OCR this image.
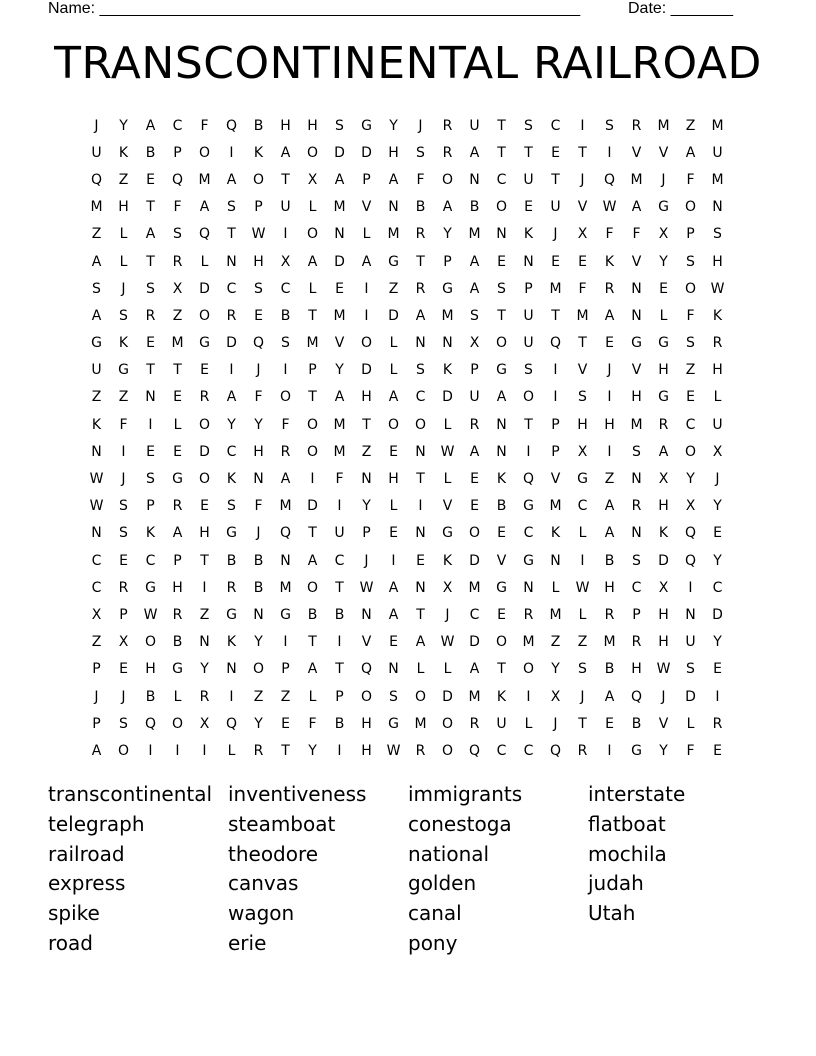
Name: ______________________________________________________	Date: _______
TRANSCONTINENTAL RAILROAD
J	Y	A	C	F	Q	B	H	H	S	G	Y	J	R	U	T	S	C	I	S	R	M	Z	M
U	K	B	P	O	I	K	A	O	D	D	H	S	R	A	T	T	E	T	I	V	V	A	U
Q	Z	E	Q	M	A	O	T	X	A	P	A	F	O	N	C	U	T	J	Q	M	J	F	M
M	H	T	F	A	S	P	U	L	M	V	N	B	A	B	O	E	U	V	W	A	G	O	N
Z	L	A	S	Q	T	W	I	O	N	L	M	R	Y	M	N	K	J	X	F	F	X	P	S
A	L	T	R	L	N	H	X	A	D	A	G	T	P	A	E	N	E	E	K	V	Y	S	H
S	J	S	X	D	C	S	C	L	E	I	Z	R	G	A	S	P	M	F	R	N	E	O	W
A	S	R	Z	O	R	E	B	T	M	I	D	A	M	S	T	U	T	M	A	N	L	F	K
G	K	E	M	G	D	Q	S	M	V	O	L	N	N	X	O	U	Q	T	E	G	G	S	R
U	G	T	T	E	I	J	I	P	Y	D	L	S	K	P	G	S	I	V	J	V	H	Z	H
Z	Z	N	E	R	A	F	O	T	A	H	A	C	D	U	A	O	I	S	I	H	G	E	L
K	F	I	L	O	Y	Y	F	O	M	T	O	O	L	R	N	T	P	H	H	M	R	C	U
N	I	E	E	D	C	H	R	O	M	Z	E	N	W	A	N	I	P	X	I	S	A	O	X
W	J	S	G	O	K	N	A	I	F	N	H	T	L	E	K	Q	V	G	Z	N	X	Y	J
W	S	P	R	E	S	F	M	D	I	Y	L	I	V	E	B	G	M	C	A	R	H	X	Y
N	S	K	A	H	G	J	Q	T	U	P	E	N	G	O	E	C	K	L	A	N	K	Q	E
C	E	C	P	T	B	B	N	A	C	J	I	E	K	D	V	G	N	I	B	S	D	Q	Y
C	R	G	H	I	R	B	M	O	T	W	A	N	X	M	G	N	L	W	H	C	X	I	C
X	P	W	R	Z	G	N	G	B	B	N	A	T	J	C	E	R	M	L	R	P	H	N	D
Z	X	O	B	N	K	Y	I	T	I	V	E	A	W	D	O	M	Z	Z	M	R	H	U	Y
P	E	H	G	Y	N	O	P	A	T	Q	N	L	L	A	T	O	Y	S	B	H	W	S	E
J	J	B	L	R	I	Z	Z	L	P	O	S	O	D	M	K	I	X	J	A	Q	J	D	I
P	S	Q	O	X	Q	Y	E	F	B	H	G	M	O	R	U	L	J	T	E	B	V	L	R
A	O	I	I	I	L	R	T	Y	I	H	W	R	O	Q	C	C	Q	R	I	G	Y	F	E
transcontinental
telegraph
railroad
express
spike
road
inventiveness
steamboat
theodore
canvas
wagon
erie
immigrants
conestoga
national
golden
canal
pony
interstate
flatboat
mochila
judah
Utah
